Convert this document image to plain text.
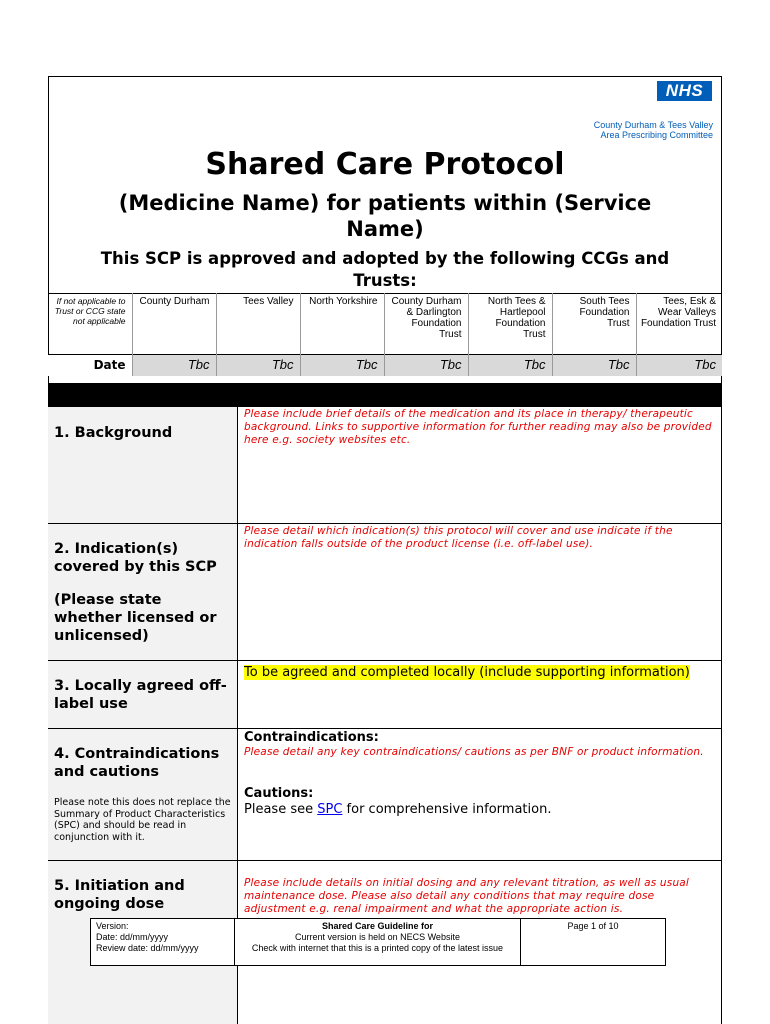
NHS
County Durham & Tees Valley
Area Prescribing Committee
Shared Care Protocol
(Medicine Name) for patients within (Service Name)
This SCP is approved and adopted by the following CCGs and Trusts:
If not applicable to Trust or CCG state not applicable	County Durham	Tees Valley	North Yorkshire	County Durham & Darlington Foundation Trust	North Tees & Hartlepool Foundation Trust	South Tees Foundation Trust	Tees, Esk & Wear Valleys Foundation Trust
Date	Tbc	Tbc	Tbc	Tbc	Tbc	Tbc	Tbc
1. Background
Please include brief details of the medication and its place in therapy/ therapeutic background. Links to supportive information for further reading may also be provided here e.g. society websites etc.
2. Indication(s) covered by this SCP
(Please state whether licensed or unlicensed)
Please detail which indication(s) this protocol will cover and use indicate if the indication falls outside of the product license (i.e. off-label use).
3. Locally agreed off-label use
To be agreed and completed locally (include supporting information)
4. Contraindications and cautions
Please note this does not replace the Summary of Product Characteristics (SPC) and should be read in conjunction with it.
Contraindications:
Please detail any key contraindications/ cautions as per BNF or product information.
Cautions:
Please see SPC for comprehensive information.
5. Initiation and ongoing dose
Please include details on initial dosing and any relevant titration, as well as usual maintenance dose. Please also detail any conditions that may require dose adjustment e.g. renal impairment and what the appropriate action is.
Version:
Date: dd/mm/yyyy
Review date: dd/mm/yyyy
Shared Care Guideline for
Current version is held on NECS Website
Check with internet that this is a printed copy of the latest issue
Page 1 of 10
